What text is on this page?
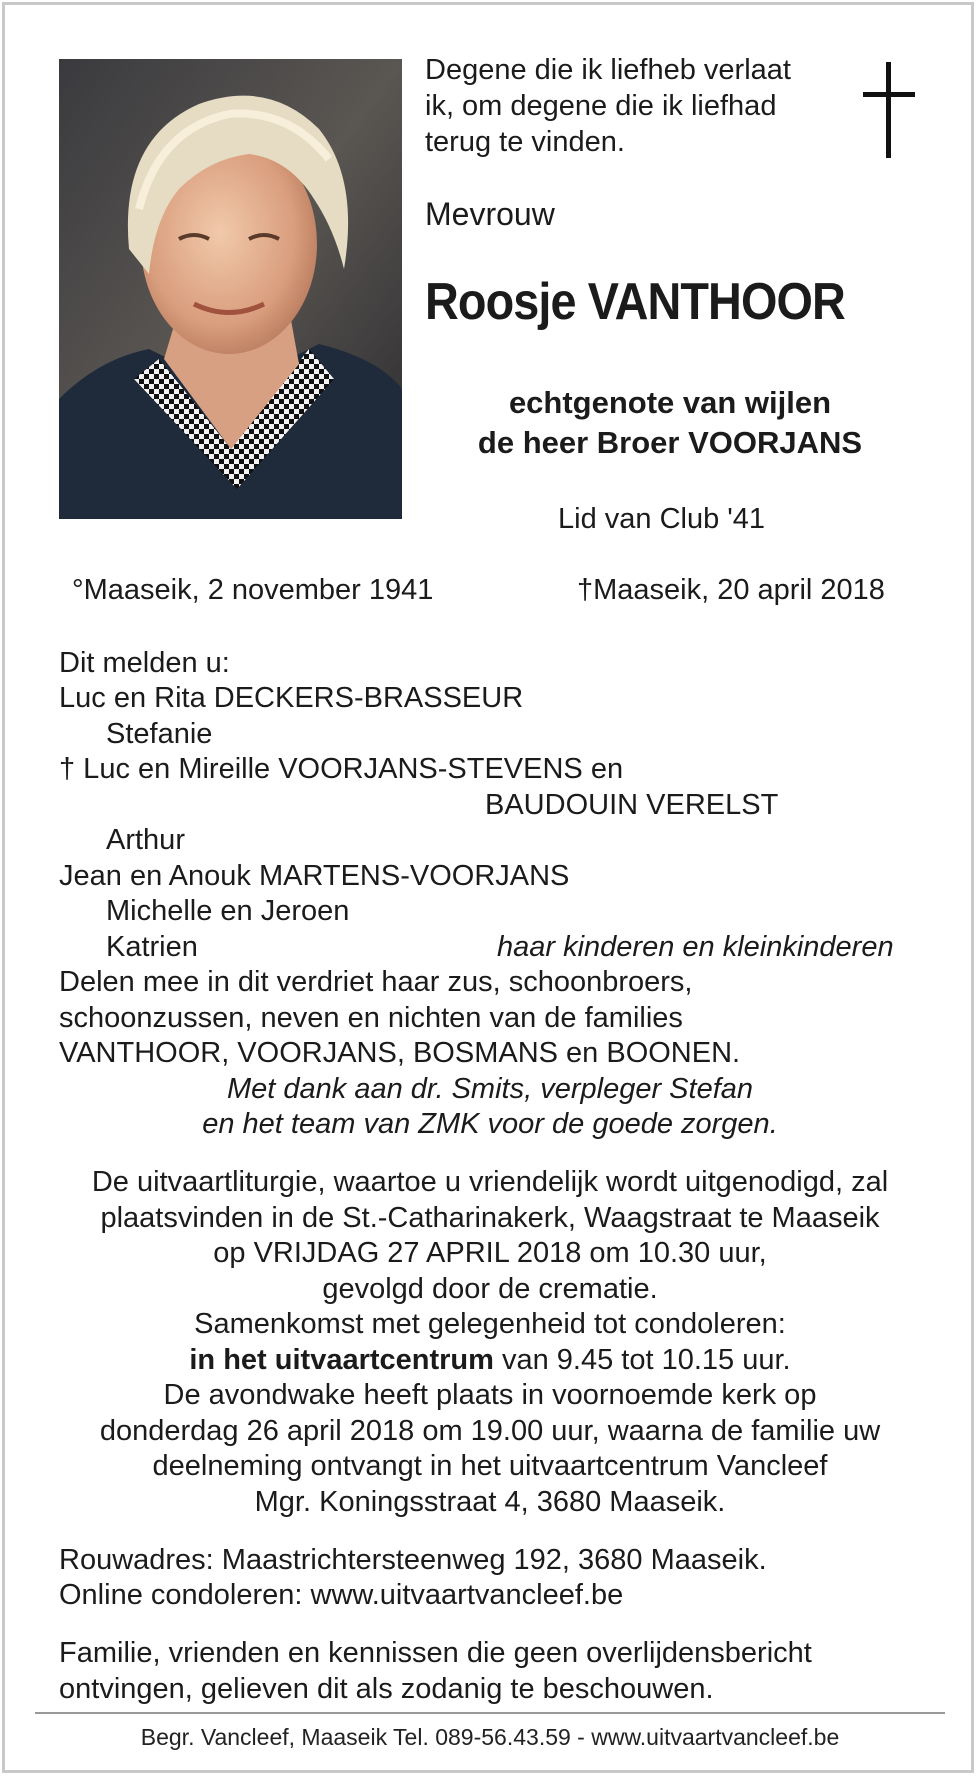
Degene die ik liefheb verlaat
ik, om degene die ik liefhad
terug te vinden.
Mevrouw
Roosje VANTHOOR
echtgenote van wijlen
de heer Broer VOORJANS
Lid van Club '41
°Maaseik, 2 november 1941	†Maaseik, 20 april 2018
Dit melden u:
Luc en Rita DECKERS-BRASSEUR
Stefanie
† Luc en Mireille VOORJANS-STEVENS en
BAUDOUIN VERELST
Arthur
Jean en Anouk MARTENS-VOORJANS
Michelle en Jeroen
Katrien	haar kinderen en kleinkinderen
Delen mee in dit verdriet haar zus, schoonbroers,
schoonzussen, neven en nichten van de families
VANTHOOR, VOORJANS, BOSMANS en BOONEN.
Met dank aan dr. Smits, verpleger Stefan
en het team van ZMK voor de goede zorgen.
De uitvaartliturgie, waartoe u vriendelijk wordt uitgenodigd, zal
plaatsvinden in de St.-Catharinakerk, Waagstraat te Maaseik
op VRIJDAG 27 APRIL 2018 om 10.30 uur,
gevolgd door de crematie.
Samenkomst met gelegenheid tot condoleren:
in het uitvaartcentrum van 9.45 tot 10.15 uur.
De avondwake heeft plaats in voornoemde kerk op
donderdag 26 april 2018 om 19.00 uur, waarna de familie uw
deelneming ontvangt in het uitvaartcentrum Vancleef
Mgr. Koningsstraat 4, 3680 Maaseik.
Rouwadres: Maastrichtersteenweg 192, 3680 Maaseik.
Online condoleren: www.uitvaartvancleef.be
Familie, vrienden en kennissen die geen overlijdensbericht
ontvingen, gelieven dit als zodanig te beschouwen.
Begr. Vancleef, Maaseik Tel. 089-56.43.59 - www.uitvaartvancleef.be
